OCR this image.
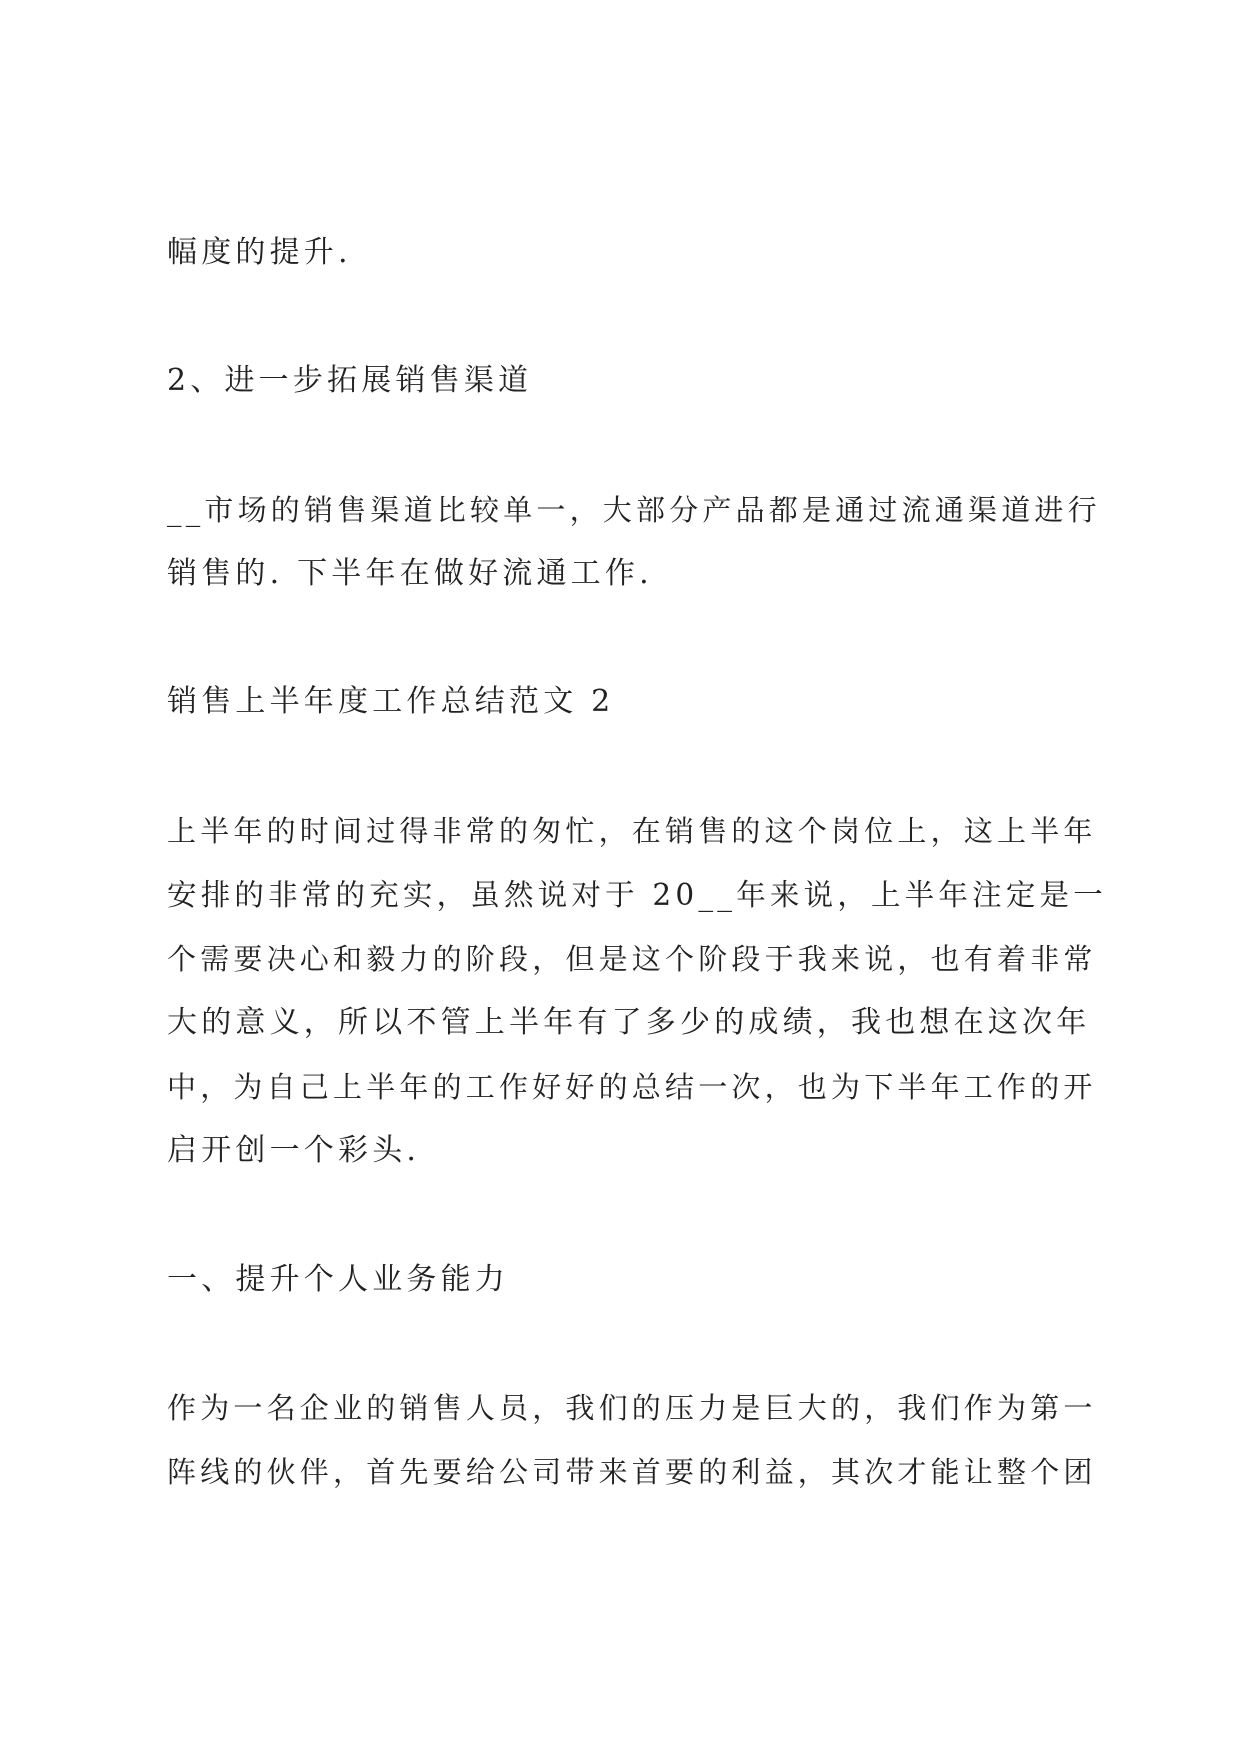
幅度的提升.

2、进一步拓展销售渠道

__市场的销售渠道比较单一，大部分产品都是通过流通渠道进行

销售的. 下半年在做好流通工作.

销售上半年度工作总结范文 2

上半年的时间过得非常的匆忙，在销售的这个岗位上，这上半年

安排的非常的充实，虽然说对于 20__年来说，上半年注定是一

个需要决心和毅力的阶段，但是这个阶段于我来说，也有着非常

大的意义，所以不管上半年有了多少的成绩，我也想在这次年

中，为自己上半年的工作好好的总结一次，也为下半年工作的开

启开创一个彩头.

一、提升个人业务能力

作为一名企业的销售人员，我们的压力是巨大的，我们作为第一

阵线的伙伴，首先要给公司带来首要的利益，其次才能让整个团
